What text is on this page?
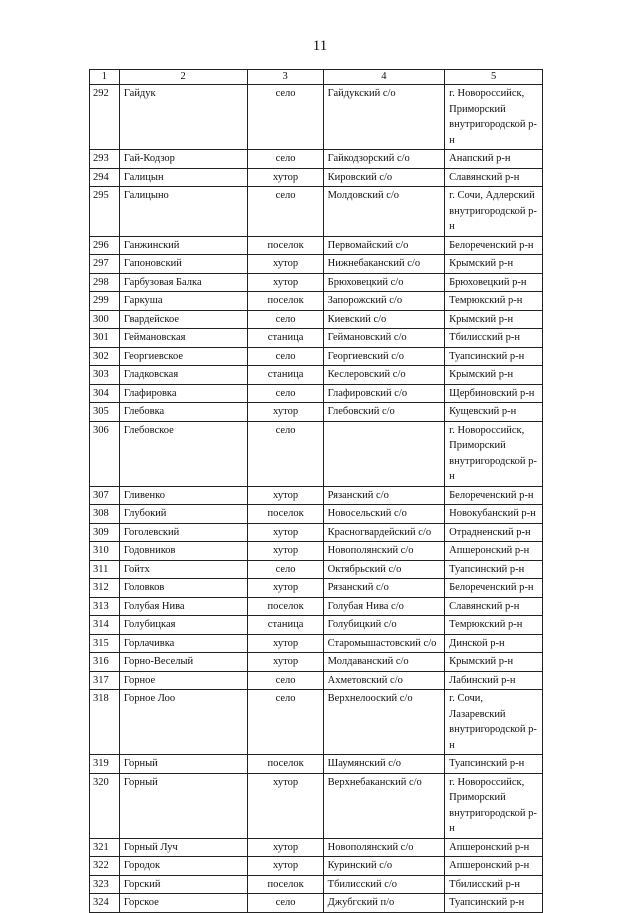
11
1	2	3	4	5
292	Гайдук	село	Гайдукский с/о	г. Новороссийск, Приморский внутригородской р-н
293	Гай-Кодзор	село	Гайкодзорский с/о	Анапский р-н
294	Галицын	хутор	Кировский с/о	Славянский р-н
295	Галицыно	село	Молдовский с/о	г. Сочи, Адлерский внутригородской р-н
296	Ганжинский	поселок	Первомайский с/о	Белореченский р-н
297	Гапоновский	хутор	Нижнебаканский с/о	Крымский р-н
298	Гарбузовая Балка	хутор	Брюховецкий с/о	Брюховецкий р-н
299	Гаркуша	поселок	Запорожский с/о	Темрюкский р-н
300	Гвардейское	село	Киевский с/о	Крымский р-н
301	Геймановская	станица	Геймановский с/о	Тбилисский р-н
302	Георгиевское	село	Георгиевский с/о	Туапсинский р-н
303	Гладковская	станица	Кеслеровский с/о	Крымский р-н
304	Глафировка	село	Глафировский с/о	Щербиновский р-н
305	Глебовка	хутор	Глебовский с/о	Кущевский р-н
306	Глебовское	село		г. Новороссийск, Приморский внутригородской р-н
307	Гливенко	хутор	Рязанский с/о	Белореченский р-н
308	Глубокий	поселок	Новосельский с/о	Новокубанский р-н
309	Гоголевский	хутор	Красногвардейский с/о	Отрадненский р-н
310	Годовников	хутор	Новополянский с/о	Апшеронский р-н
311	Гойтх	село	Октябрьский с/о	Туапсинский р-н
312	Головков	хутор	Рязанский с/о	Белореченский р-н
313	Голубая Нива	поселок	Голубая Нива с/о	Славянский р-н
314	Голубицкая	станица	Голубицкий с/о	Темрюкский р-н
315	Горлачивка	хутор	Старомышастовский с/о	Динской р-н
316	Горно-Веселый	хутор	Молдаванский с/о	Крымский р-н
317	Горное	село	Ахметовский с/о	Лабинский р-н
318	Горное Лоо	село	Верхнелооский с/о	г. Сочи, Лазаревский внутригородской р-н
319	Горный	поселок	Шаумянский с/о	Туапсинский р-н
320	Горный	хутор	Верхнебаканский с/о	г. Новороссийск, Приморский внутригородской р-н
321	Горный Луч	хутор	Новополянский с/о	Апшеронский р-н
322	Городок	хутор	Куринский с/о	Апшеронский р-н
323	Горский	поселок	Тбилисский с/о	Тбилисский р-н
324	Горское	село	Джубгский п/о	Туапсинский р-н
